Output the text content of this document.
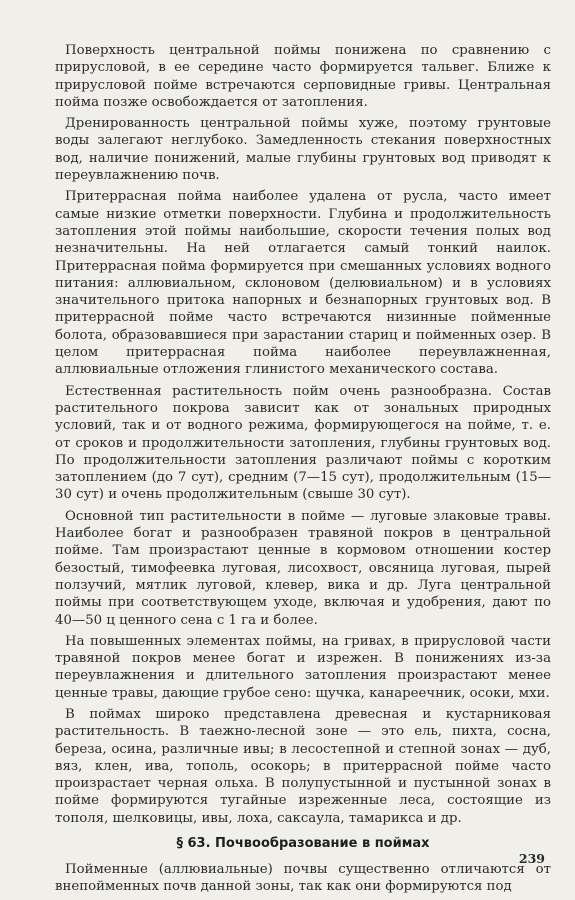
Поверхность центральной поймы понижена по сравнению с прирусловой, в ее середине часто формируется тальвег. Ближе к прирусловой пойме встречаются серповидные гривы. Центральная пойма позже освобождается от затопления.

Дренированность центральной поймы хуже, поэтому грунтовые воды залегают неглубоко. Замедленность стекания поверхностных вод, наличие понижений, малые глубины грунтовых вод приводят к переувлажнению почв.

Притеррасная пойма наиболее удалена от русла, часто имеет самые низкие отметки поверхности. Глубина и продолжительность затопления этой поймы наибольшие, скорости течения полых вод незначительны. На ней отлагается самый тонкий наилок. Притеррасная пойма формируется при смешанных условиях водного питания: аллювиальном, склоновом (делювиальном) и в условиях значительного притока напорных и безнапорных грунтовых вод. В притеррасной пойме часто встречаются низинные пойменные болота, образовавшиеся при зарастании стариц и пойменных озер. В целом притеррасная пойма наиболее переувлажненная, аллювиальные отложения глинистого механического состава.

Естественная растительность пойм очень разнообразна. Состав растительного покрова зависит как от зональных природных условий, так и от водного режима, формирующегося на пойме, т. е. от сроков и продолжительности затопления, глубины грунтовых вод. По продолжительности затопления различают поймы с коротким затоплением (до 7 сут), средним (7—15 сут), продолжительным (15—30 сут) и очень продолжительным (свыше 30 сут).

Основной тип растительности в пойме — луговые злаковые травы. Наиболее богат и разнообразен травяной покров в центральной пойме. Там произрастают ценные в кормовом отношении костер безостый, тимофеевка луговая, лисохвост, овсяница луговая, пырей ползучий, мятлик луговой, клевер, вика и др. Луга центральной поймы при соответствующем уходе, включая и удобрения, дают по 40—50 ц ценного сена с 1 га и более.

На повышенных элементах поймы, на гривах, в прирусловой части травяной покров менее богат и изрежен. В понижениях из-за переувлажнения и длительного затопления произрастают менее ценные травы, дающие грубое сено: щучка, канареечник, осоки, мхи.

В поймах широко представлена древесная и кустарниковая растительность. В таежно-лесной зоне — это ель, пихта, сосна, береза, осина, различные ивы; в лесостепной и степной зонах — дуб, вяз, клен, ива, тополь, осокорь; в притеррасной пойме часто произрастает черная ольха. В полупустынной и пустынной зонах в пойме формируются тугайные изреженные леса, состоящие из тополя, шелковицы, ивы, лоха, саксаула, тамарикса и др.

§ 63. Почвообразование в поймах

Пойменные (аллювиальные) почвы существенно отличаются от внепойменных почв данной зоны, так как они формируются под

239
